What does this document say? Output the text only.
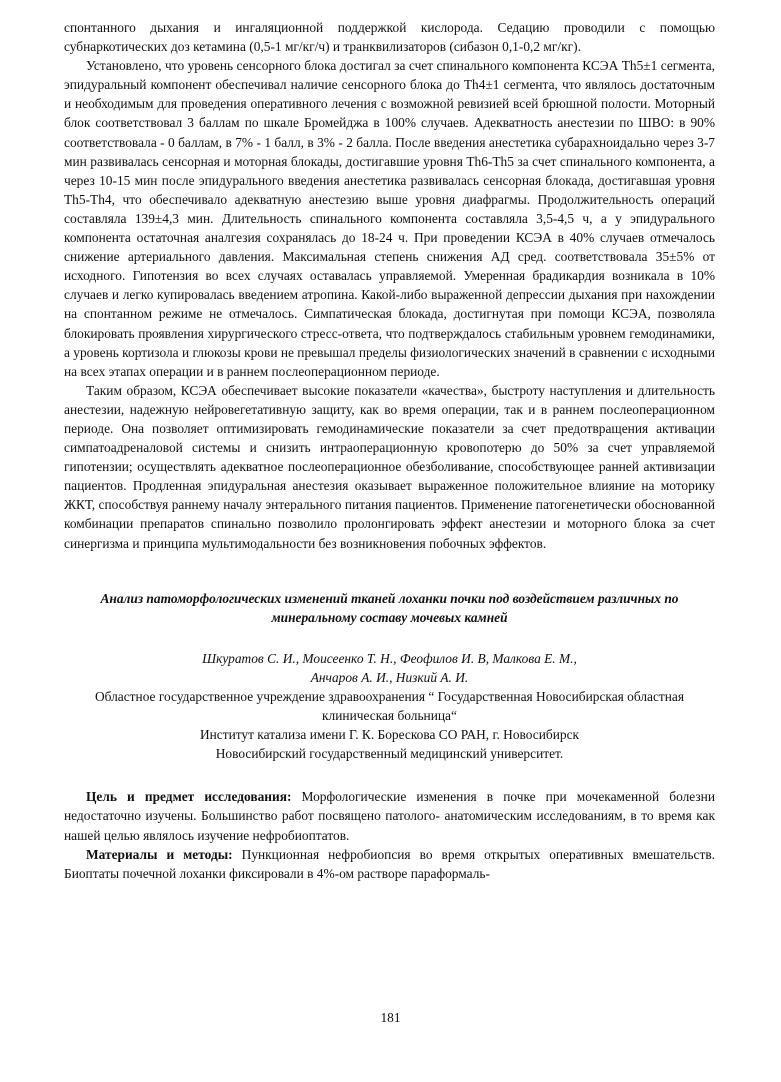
спонтанного дыхания и ингаляционной поддержкой кислорода. Седацию проводили с помощью субнаркотических доз кетамина (0,5-1 мг/кг/ч) и транквилизаторов (сибазон 0,1-0,2 мг/кг).

Установлено, что уровень сенсорного блока достигал за счет спинального компонента КСЭА Th5±1 сегмента, эпидуральный компонент обеспечивал наличие сенсорного блока до Th4±1 сегмента, что являлось достаточным и необходимым для проведения оперативного лечения с возможной ревизией всей брюшной полости. Моторный блок соответствовал 3 баллам по шкале Бромейджа в 100% случаев. Адекватность анестезии по ШВО: в 90% соответствовала - 0 баллам, в 7% - 1 балл, в 3% - 2 балла. После введения анестетика субарахноидально через 3-7 мин развивалась сенсорная и моторная блокады, достигавшие уровня Th6-Th5 за счет спинального компонента, а через 10-15 мин после эпидурального введения анестетика развивалась сенсорная блокада, достигавшая уровня Th5-Th4, что обеспечивало адекватную анестезию выше уровня диафрагмы. Продолжительность операций составляла 139±4,3 мин. Длительность спинального компонента составляла 3,5-4,5 ч, а у эпидурального компонента остаточная аналгезия сохранялась до 18-24 ч. При проведении КСЭА в 40% случаев отмечалось снижение артериального давления. Максимальная степень снижения АД сред. соответствовала 35±5% от исходного. Гипотензия во всех случаях оставалась управляемой. Умеренная брадикардия возникала в 10% случаев и легко купировалась введением атропина. Какой-либо выраженной депрессии дыхания при нахождении на спонтанном режиме не отмечалось. Симпатическая блокада, достигнутая при помощи КСЭА, позволяла блокировать проявления хирургического стресс-ответа, что подтверждалось стабильным уровнем гемодинамики, а уровень кортизола и глюкозы крови не превышал пределы физиологических значений в сравнении с исходными на всех этапах операции и в раннем послеоперационном периоде.

Таким образом, КСЭА обеспечивает высокие показатели «качества», быстроту наступления и длительность анестезии, надежную нейровегетативную защиту, как во время операции, так и в раннем послеоперационном периоде. Она позволяет оптимизировать гемодинамические показатели за счет предотвращения активации симпатоадреналовой системы и снизить интраоперационную кровопотерю до 50% за счет управляемой гипотензии; осуществлять адекватное послеоперационное обезболивание, способствующее ранней активизации пациентов. Продленная эпидуральная анестезия оказывает выраженное положительное влияние на моторику ЖКТ, способствуя раннему началу энтерального питания пациентов. Применение патогенетически обоснованной комбинации препаратов спинально позволило пролонгировать эффект анестезии и моторного блока за счет синергизма и принципа мультимодальности без возникновения побочных эффектов.

Анализ патоморфологических изменений тканей лоханки почки под воздействием различных по минеральному составу мочевых камней
Шкуратов С. И., Моисеенко Т. Н., Феофилов И. В, Малкова Е. М.,
Анчаров А. И., Низкий А. И.
Областное государственное учреждение здравоохранения “ Государственная Новосибирская областная клиническая больница“
Институт катализа имени Г. К. Борескова СО РАН, г. Новосибирск
Новосибирский государственный медицинский университет.

Цель и предмет исследования: Морфологические изменения в почке при мочекаменной болезни недостаточно изучены. Большинство работ посвящено патолого- анатомическим исследованиям, в то время как нашей целью являлось изучение нефробиоптатов.

Материалы и методы: Пункционная нефробиопсия во время открытых оперативных вмешательств. Биоптаты почечной лоханки фиксировали в 4%-ом растворе параформаль-

181
